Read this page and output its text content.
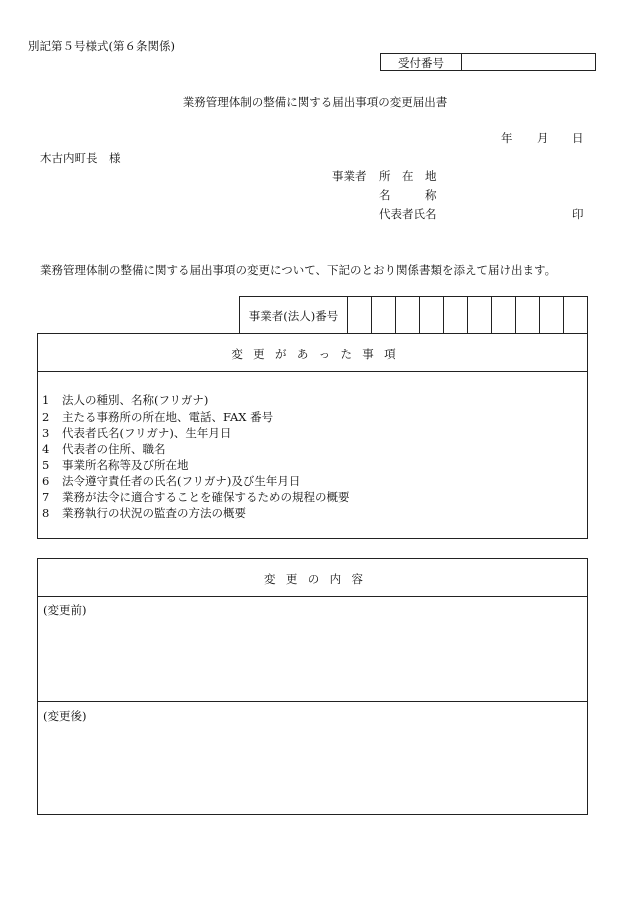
別記第５号様式(第６条関係)
受付番号
業務管理体制の整備に関する届出事項の変更届出書
年 月 日
木古内町長　様
事業者 所　在　地
名　　　称
代表者氏名	印
業務管理体制の整備に関する届出事項の変更について、下記のとおり関係書類を添えて届け出ます。
事業者(法人)番号
変更があった事項
1 法人の種別、名称(フリガナ)
2 主たる事務所の所在地、電話、FAX 番号
3 代表者氏名(フリガナ)、生年月日
4 代表者の住所、職名
5 事業所名称等及び所在地
6 法令遵守責任者の氏名(フリガナ)及び生年月日
7 業務が法令に適合することを確保するための規程の概要
8 業務執行の状況の監査の方法の概要
変更の内容
(変更前)
(変更後)
